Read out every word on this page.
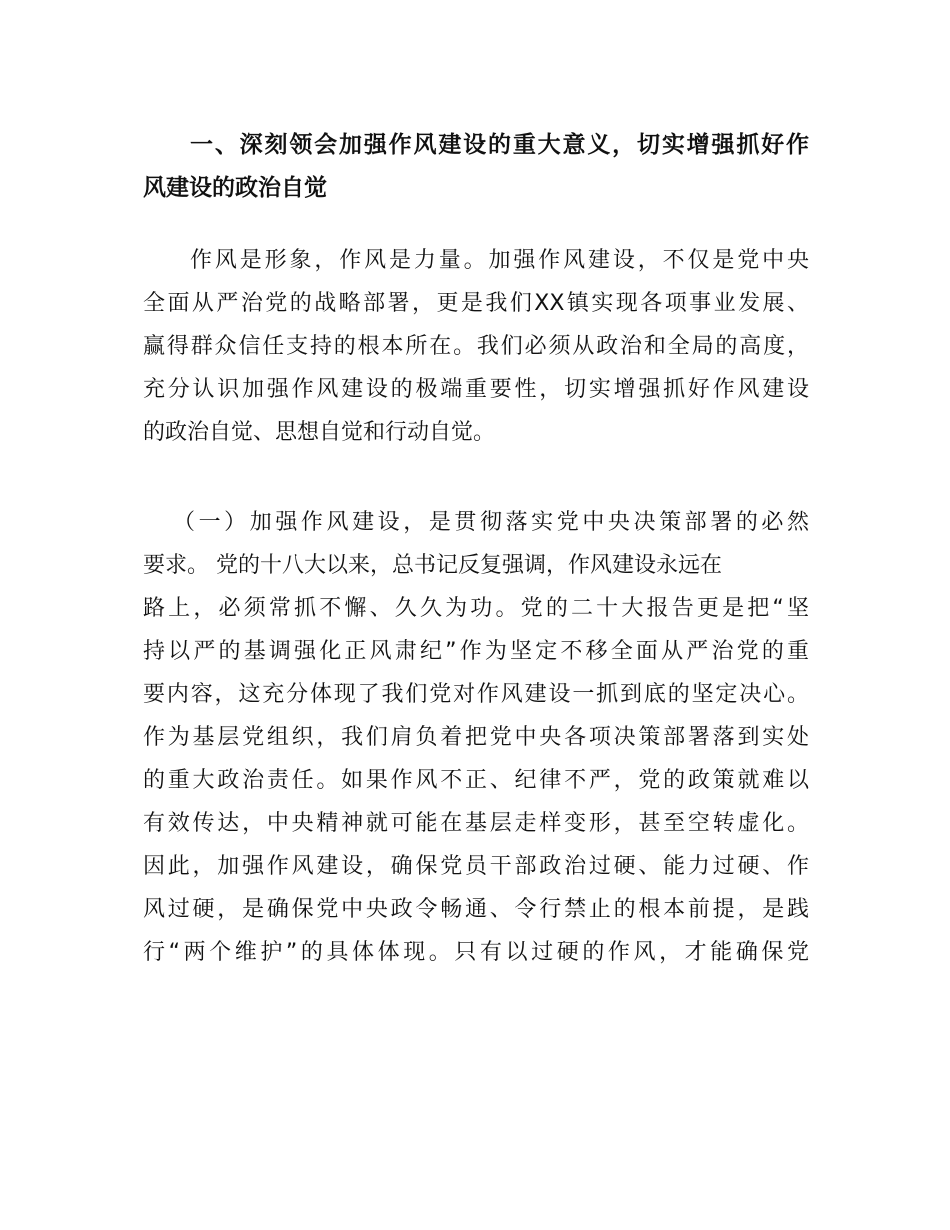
一、深刻领会加强作风建设的重大意义，切实增强抓好作
风建设的政治自觉
作风是形象，作风是力量。加强作风建设，不仅是党中央
全面从严治党的战略部署，更是我们XX镇实现各项事业发展、
赢得群众信任支持的根本所在。我们必须从政治和全局的高度，
充分认识加强作风建设的极端重要性，切实增强抓好作风建设
的政治自觉、思想自觉和行动自觉。
（一）加强作风建设，是贯彻落实党中央决策部署的必然
要求。 党的十八大以来，总书记反复强调，作风建设永远在
路上，必须常抓不懈、久久为功。党的二十大报告更是把“坚
持以严的基调强化正风肃纪”作为坚定不移全面从严治党的重
要内容，这充分体现了我们党对作风建设一抓到底的坚定决心。
作为基层党组织，我们肩负着把党中央各项决策部署落到实处
的重大政治责任。如果作风不正、纪律不严，党的政策就难以
有效传达，中央精神就可能在基层走样变形，甚至空转虚化。
因此，加强作风建设，确保党员干部政治过硬、能力过硬、作
风过硬，是确保党中央政令畅通、令行禁止的根本前提，是践
行“两个维护”的具体体现。只有以过硬的作风，才能确保党
